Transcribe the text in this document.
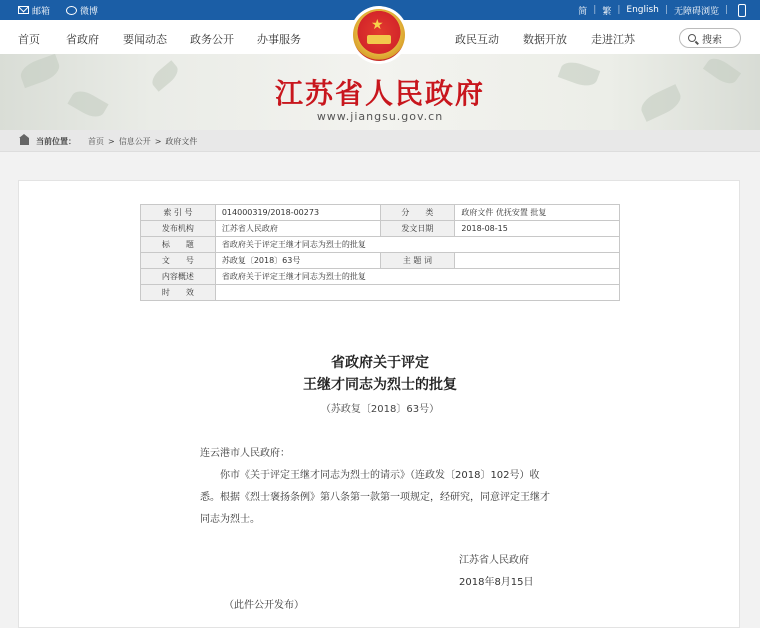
邮箱	微博	简 | 繁 | English | 无障碍浏览 |
首页 省政府 要闻动态 政务公开 办事服务	政民互动 数据开放 走进江苏	搜索
江苏省人民政府
www.jiangsu.gov.cn
★
当前位置： 首页 > 信息公开 > 政府文件
索 引 号	014000319/2018-00273	分　　类	政府文件 优抚安置 批复
发布机构	江苏省人民政府	发文日期	2018-08-15
标　　题	省政府关于评定王继才同志为烈士的批复		
文　　号	苏政复〔2018〕63号	主 题 词	
内容概述	省政府关于评定王继才同志为烈士的批复		
时　　效			
省政府关于评定
王继才同志为烈士的批复
（苏政复〔2018〕63号）
连云港市人民政府：
你市《关于评定王继才同志为烈士的请示》（连政发〔2018〕102号）收
悉。根据《烈士褒扬条例》第八条第一款第一项规定，经研究，同意评定王继才
同志为烈士。
江苏省人民政府
2018年8月15日
（此件公开发布）
